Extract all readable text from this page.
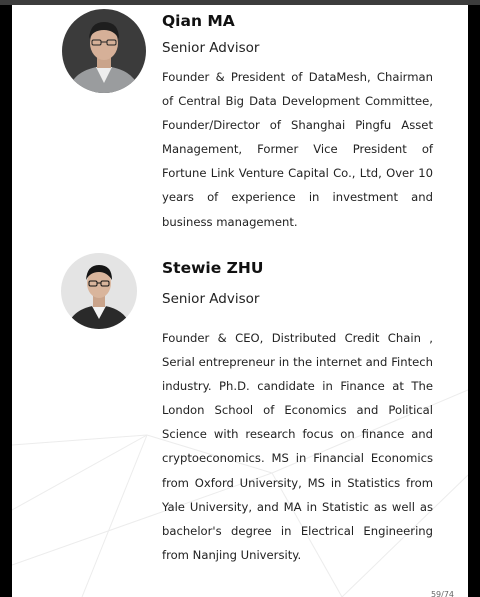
Qian MA

Senior Advisor

Founder & President of DataMesh, Chairman of Central Big Data Development Committee, Founder/Director of Shanghai Pingfu Asset Management, Former Vice President of Fortune Link Venture Capital Co., Ltd, Over 10 years of experience in investment and business management.

Stewie ZHU

Senior Advisor

Founder & CEO, Distributed Credit Chain , Serial entrepreneur in the internet and Fintech industry. Ph.D. candidate in Finance at The London School of Economics and Political Science with research focus on finance and cryptoeconomics. MS in Financial Economics from Oxford University, MS in Statistics from Yale University, and MA in Statistic as well as bachelor's degree in Electrical Engineering from Nanjing University.

59/74
